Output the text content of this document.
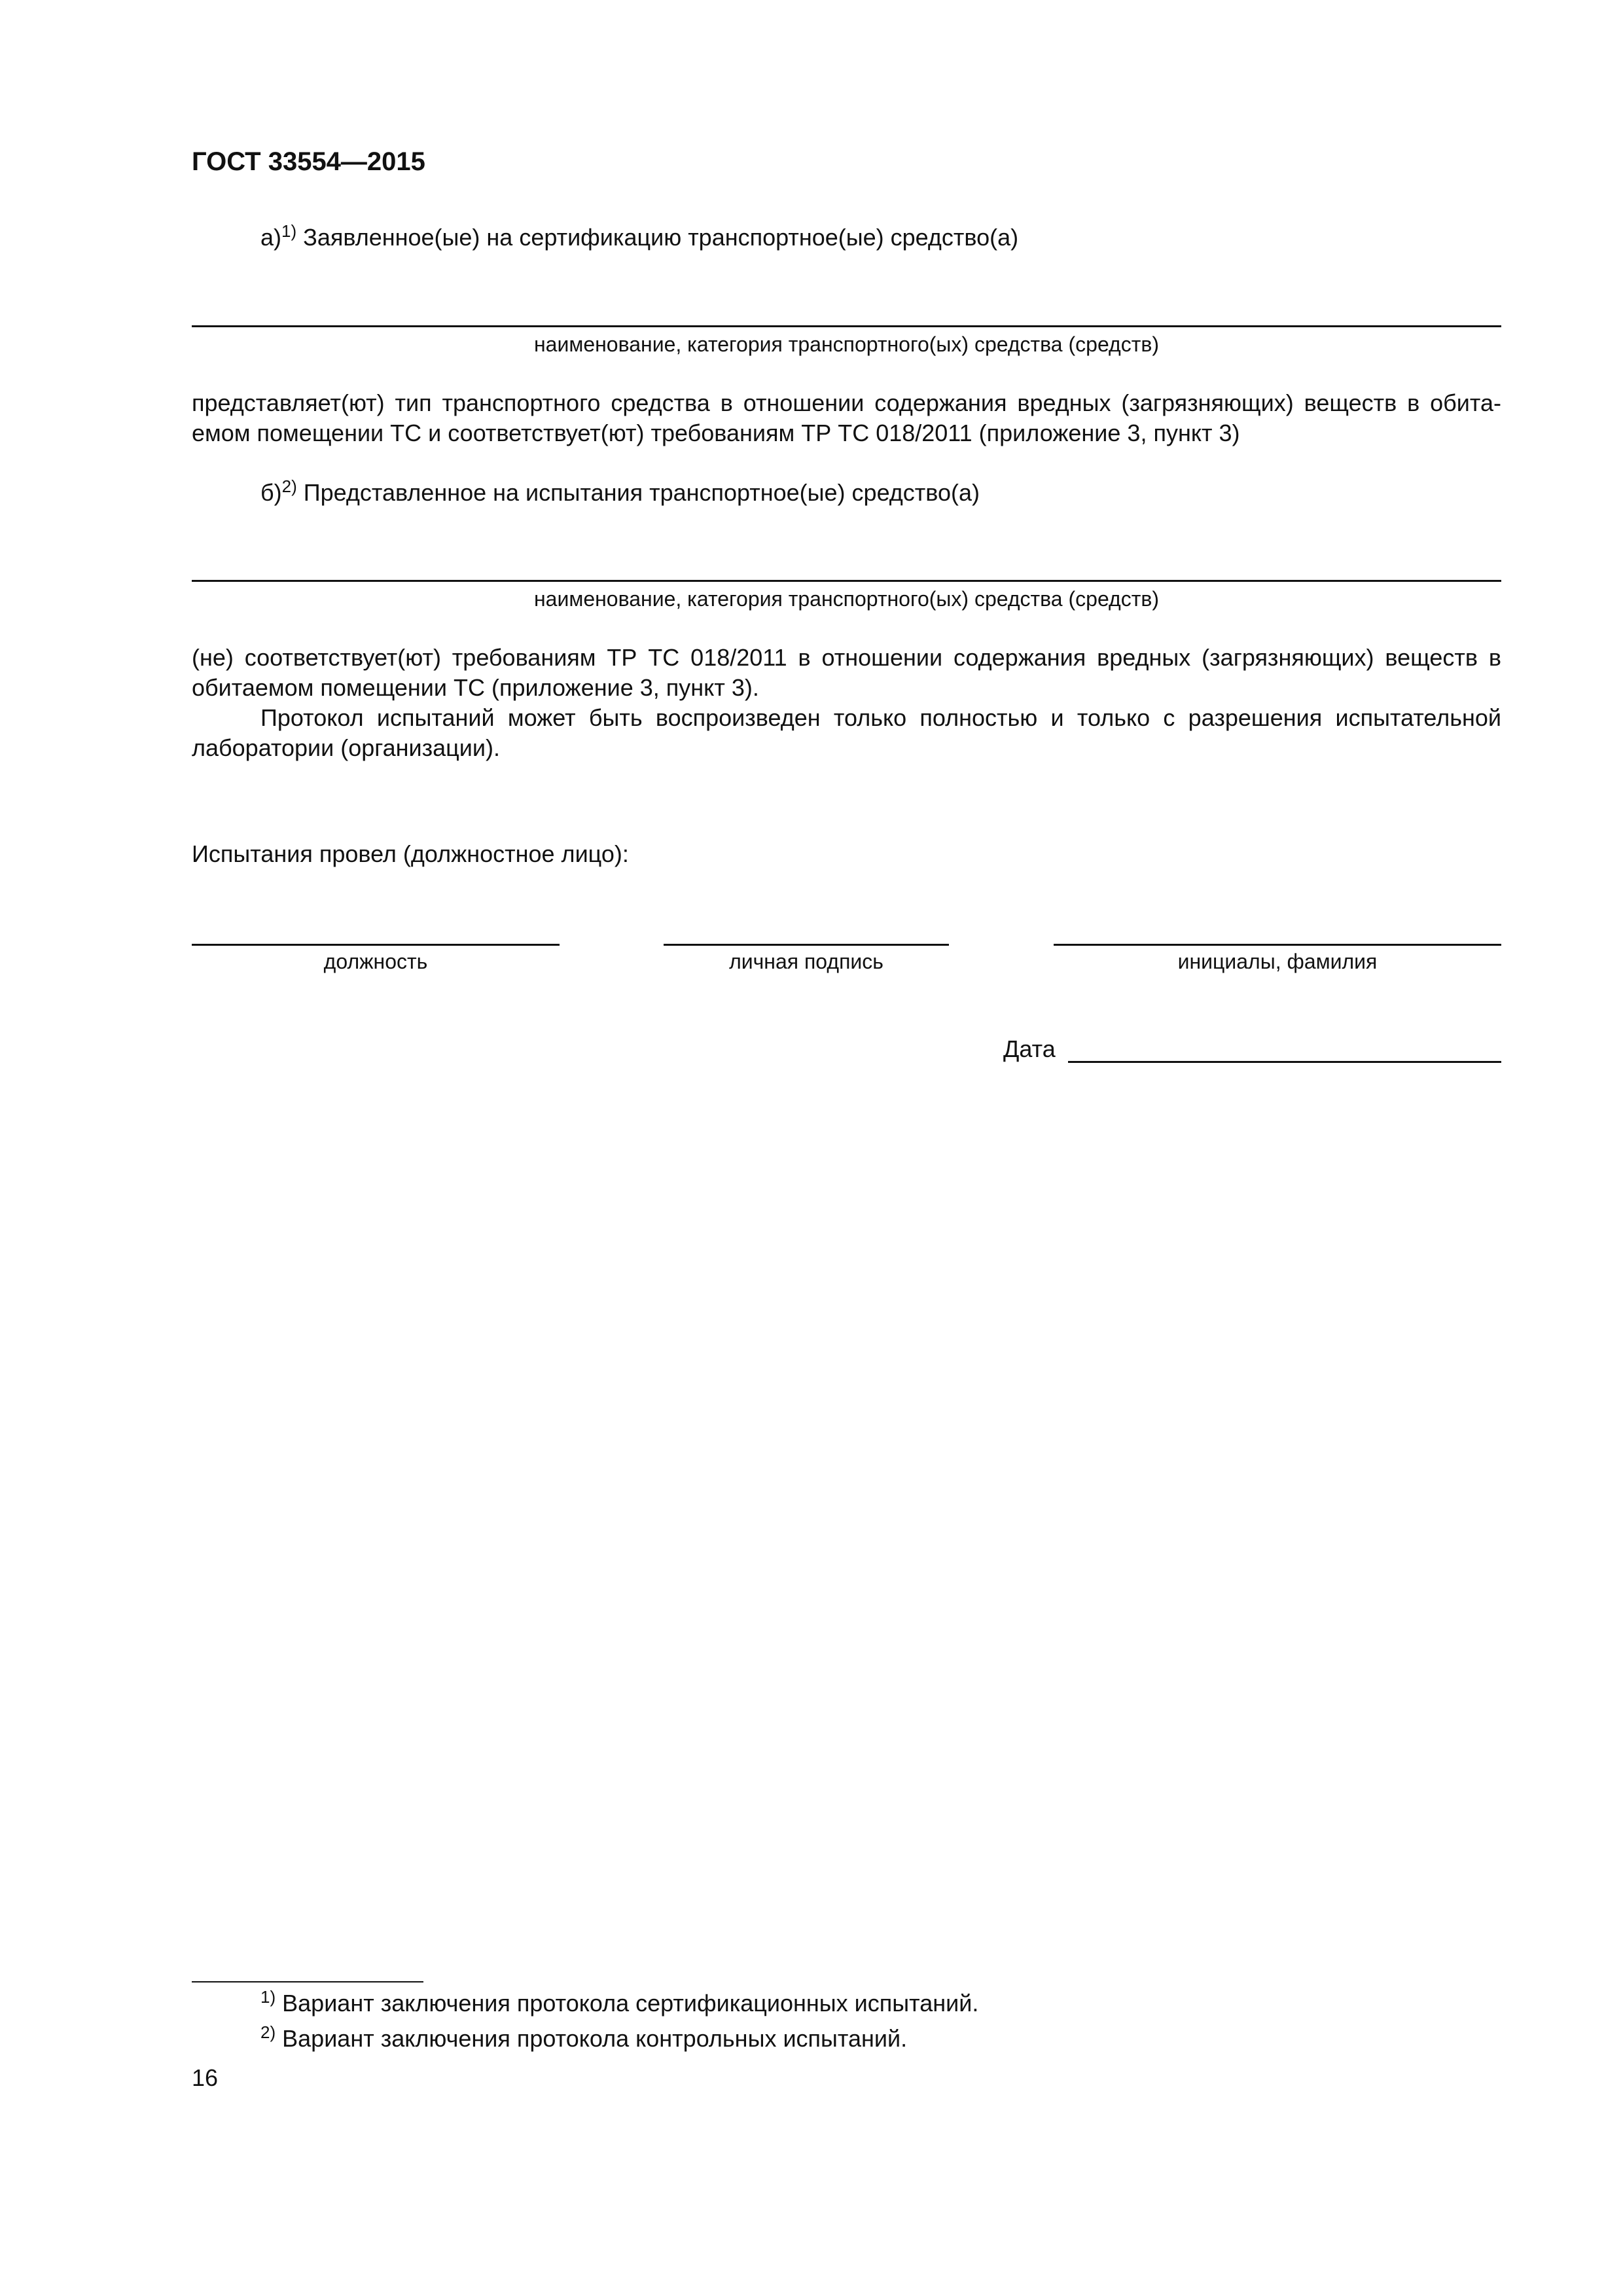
ГОСТ 33554—2015
а)$^{1)}$ Заявленное(ые) на сертификацию транспортное(ые) средство(а)
наименование, категория транспортного(ых) средства (средств)
представляет(ют) тип транспортного средства в отношении содержания вредных (загрязняющих) веществ в обита-емом помещении ТС и соответствует(ют) требованиям ТР ТС 018/2011 (приложение 3, пункт 3)
б)$^{2)}$ Представленное на испытания транспортное(ые) средство(а)
наименование, категория транспортного(ых) средства (средств)
(не) соответствует(ют) требованиям ТР ТС 018/2011 в отношении содержания вредных (загрязняющих) веществ в обитаемом помещении ТС (приложение 3, пункт 3).
Протокол испытаний может быть воспроизведен только полностью и только с разрешения испытательной лаборатории (организации).
Испытания провел (должностное лицо):
должность	личная подпись	инициалы, фамилия
Дата
$^{1)}$ Вариант заключения протокола сертификационных испытаний.
$^{2)}$ Вариант заключения протокола контрольных испытаний.
16
